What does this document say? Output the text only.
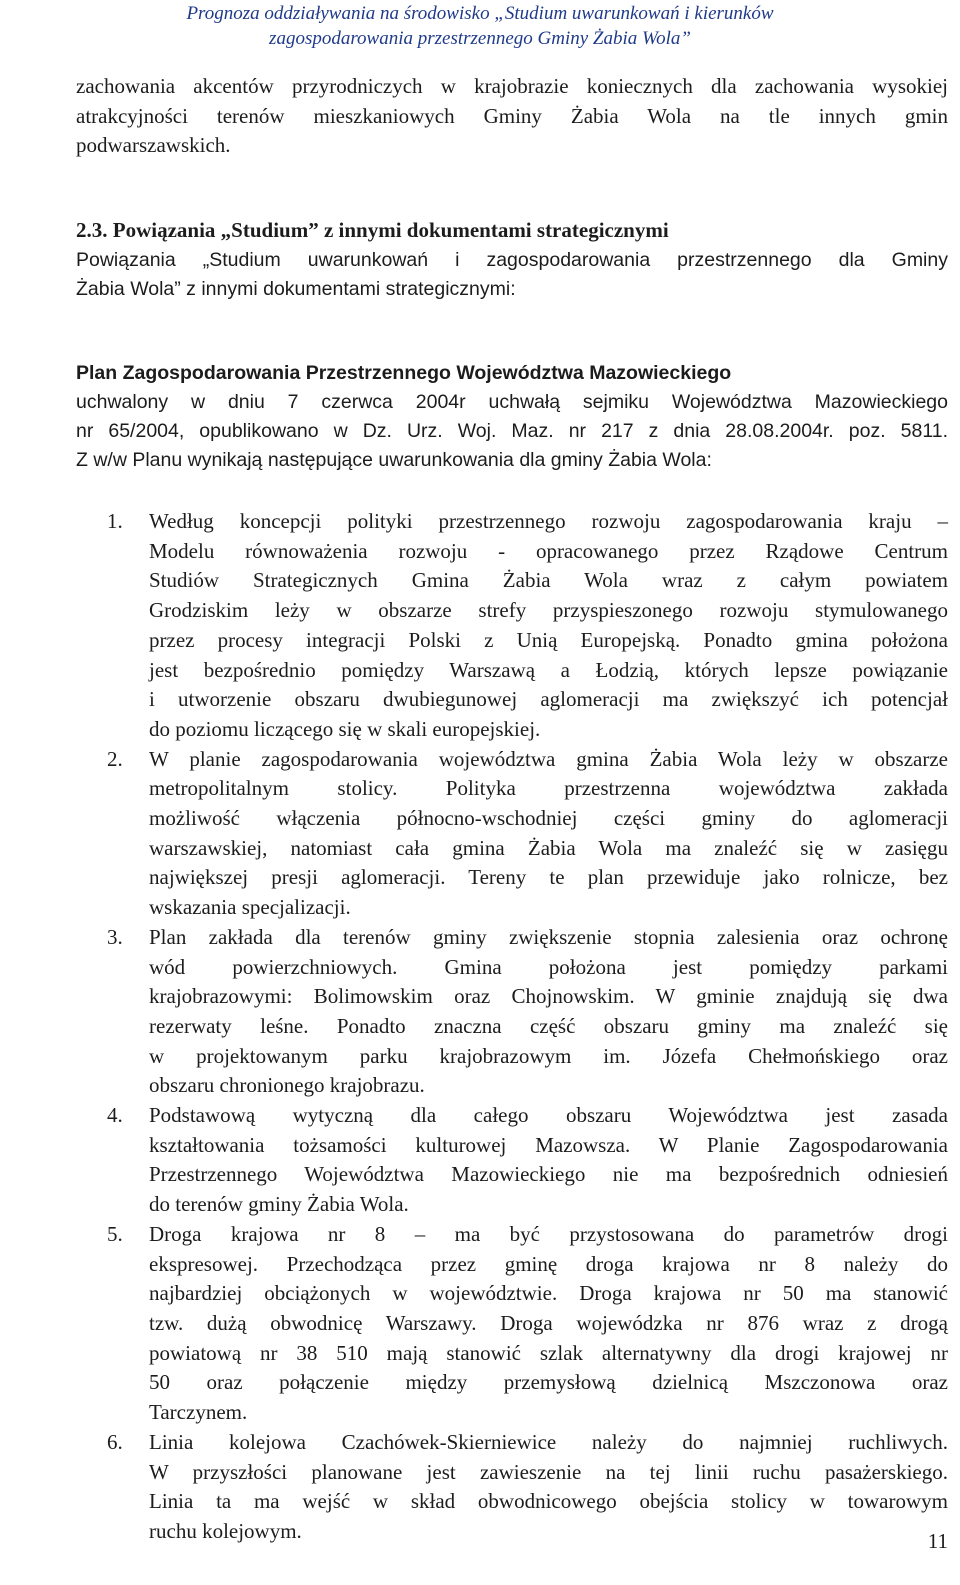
Prognoza oddziaływania na środowisko „Studium uwarunkowań i kierunków
zagospodarowania przestrzennego Gminy Żabia Wola”
zachowania akcentów przyrodniczych w krajobrazie koniecznych dla zachowania wysokiej
atrakcyjności terenów mieszkaniowych Gminy Żabia Wola na tle innych gmin
podwarszawskich.
2.3. Powiązania „Studium” z innymi dokumentami strategicznymi
Powiązania „Studium uwarunkowań i zagospodarowania przestrzennego dla Gminy
Żabia Wola” z innymi dokumentami strategicznymi:
Plan Zagospodarowania Przestrzennego Województwa Mazowieckiego
uchwalony w dniu 7 czerwca 2004r uchwałą sejmiku Województwa Mazowieckiego
nr 65/2004, opublikowano w Dz. Urz. Woj. Maz. nr 217 z dnia 28.08.2004r. poz. 5811.
Z w/w Planu wynikają następujące uwarunkowania dla gminy Żabia Wola:
1. Według koncepcji polityki przestrzennego rozwoju zagospodarowania kraju –
Modelu równoważenia rozwoju - opracowanego przez Rządowe Centrum
Studiów Strategicznych Gmina Żabia Wola wraz z całym powiatem
Grodziskim leży w obszarze strefy przyspieszonego rozwoju stymulowanego
przez procesy integracji Polski z Unią Europejską. Ponadto gmina położona
jest bezpośrednio pomiędzy Warszawą a Łodzią, których lepsze powiązanie
i utworzenie obszaru dwubiegunowej aglomeracji ma zwiększyć ich potencjał
do poziomu liczącego się w skali europejskiej.
2. W planie zagospodarowania województwa gmina Żabia Wola leży w obszarze
metropolitalnym stolicy. Polityka przestrzenna województwa zakłada
możliwość włączenia północno-wschodniej części gminy do aglomeracji
warszawskiej, natomiast cała gmina Żabia Wola ma znaleźć się w zasięgu
największej presji aglomeracji. Tereny te plan przewiduje jako rolnicze, bez
wskazania specjalizacji.
3. Plan zakłada dla terenów gminy zwiększenie stopnia zalesienia oraz ochronę
wód powierzchniowych. Gmina położona jest pomiędzy parkami
krajobrazowymi: Bolimowskim oraz Chojnowskim. W gminie znajdują się dwa
rezerwaty leśne. Ponadto znaczna część obszaru gminy ma znaleźć się
w projektowanym parku krajobrazowym im. Józefa Chełmońskiego oraz
obszaru chronionego krajobrazu.
4. Podstawową wytyczną dla całego obszaru Województwa jest zasada
kształtowania tożsamości kulturowej Mazowsza. W Planie Zagospodarowania
Przestrzennego Województwa Mazowieckiego nie ma bezpośrednich odniesień
do terenów gminy Żabia Wola.
5. Droga krajowa nr 8 – ma być przystosowana do parametrów drogi
ekspresowej. Przechodząca przez gminę droga krajowa nr 8 należy do
najbardziej obciążonych w województwie. Droga krajowa nr 50 ma stanowić
tzw. dużą obwodnicę Warszawy. Droga wojewódzka nr 876 wraz z drogą
powiatową nr 38 510 mają stanowić szlak alternatywny dla drogi krajowej nr
50 oraz połączenie między przemysłową dzielnicą Mszczonowa oraz
Tarczynem.
6. Linia kolejowa Czachówek-Skierniewice należy do najmniej ruchliwych.
W przyszłości planowane jest zawieszenie na tej linii ruchu pasażerskiego.
Linia ta ma wejść w skład obwodnicowego obejścia stolicy w towarowym
ruchu kolejowym.	11
